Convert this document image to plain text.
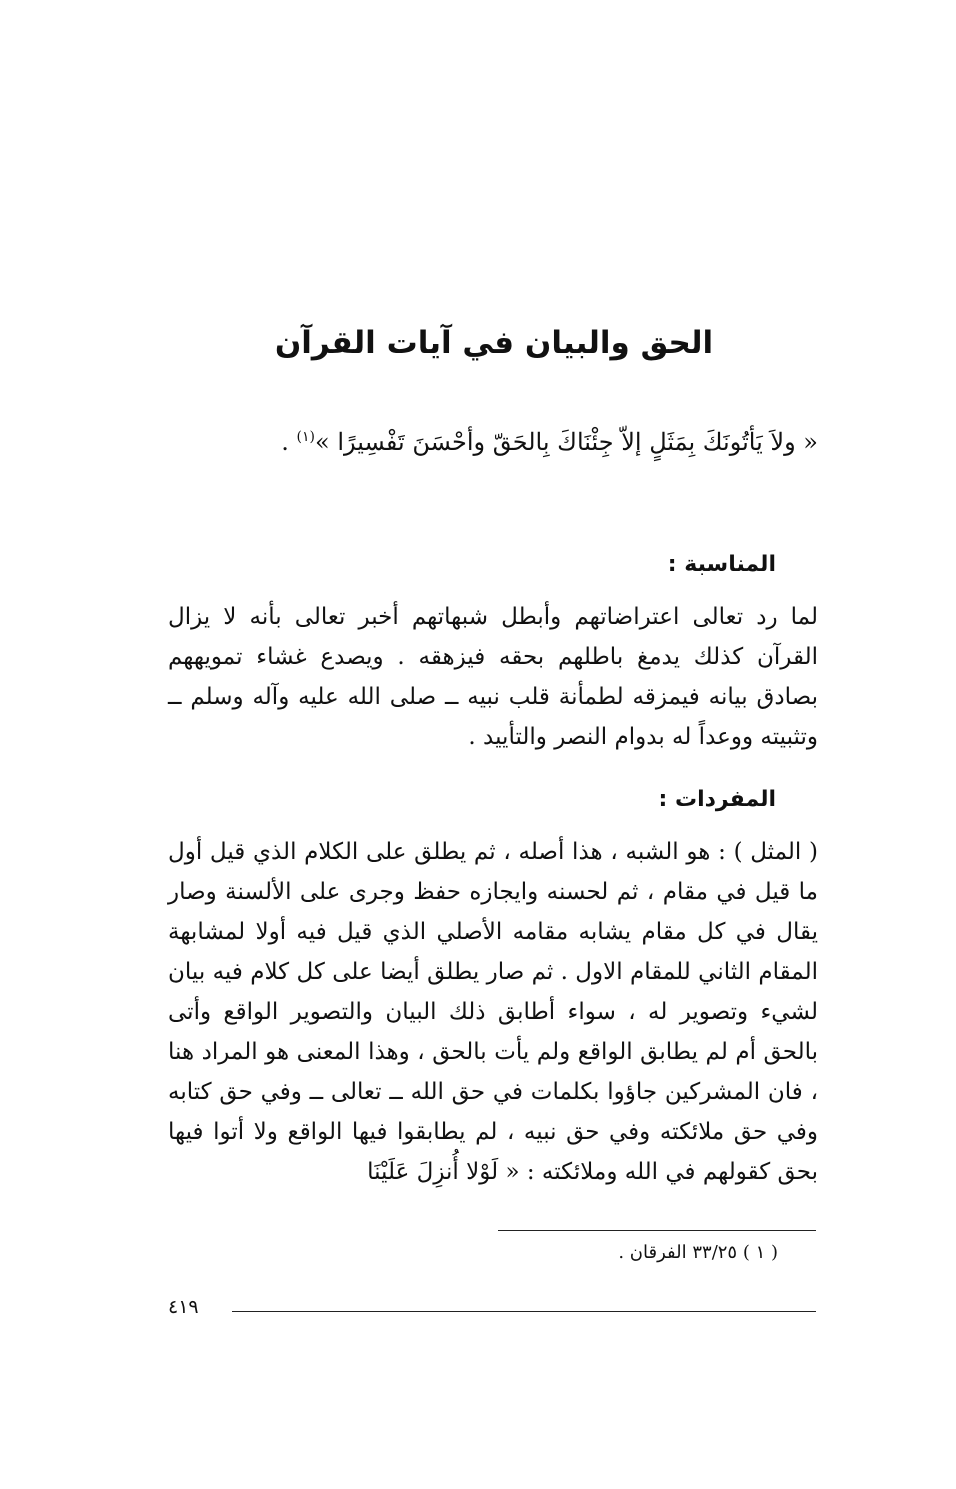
الحق والبيان في آيات القرآن

« ولاَ يَأتُونَكَ بِمَثَلٍ إلاّ جِئْنَاكَ بِالحَقّ وأحْسَنَ تَفْسِيرًا »$^{(١)}$ .

المناسبة :

لما رد تعالى اعتراضاتهم وأبطل شبهاتهم أخبر تعالى بأنه لا يزال القرآن كذلك يدمغ باطلهم بحقه فيزهقه . ويصدع غشاء تمويههم بصادق بيانه فيمزقه لطمأنة قلب نبيه ــ صلى الله عليه وآله وسلم ــ وتثبيته ووعداً له بدوام النصر والتأييد .

المفردات :

( المثل ) : هو الشبه ، هذا أصله ، ثم يطلق على الكلام الذي قيل أول ما قيل في مقام ، ثم لحسنه وايجازه حفظ وجرى على الألسنة وصار يقال في كل مقام يشابه مقامه الأصلي الذي قيل فيه أولا لمشابهة المقام الثاني للمقام الاول . ثم صار يطلق أيضا على كل كلام فيه بيان لشيء وتصوير له ، سواء أطابق ذلك البيان والتصوير الواقع وأتى بالحق أم لم يطابق الواقع ولم يأت بالحق ، وهذا المعنى هو المراد هنا ، فان المشركين جاؤوا بكلمات في حق الله ــ تعالى ــ وفي حق كتابه وفي حق ملائكته وفي حق نبيه ، لم يطابقوا فيها الواقع ولا أتوا فيها بحق كقولهم في الله وملائكته : « لَوْلا أُنزِلَ عَلَيْنَا

( ١ ) ٣٣/٢٥ الفرقان .

٤١٩
